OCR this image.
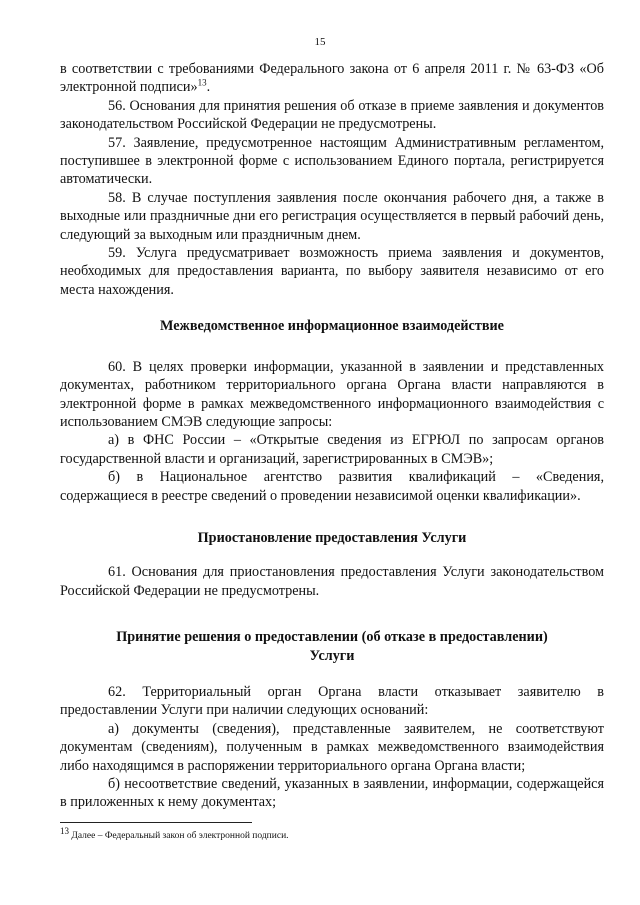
15

в соответствии с требованиями Федерального закона от 6 апреля 2011 г. № 63-ФЗ «Об электронной подписи»$^{13}$.

56. Основания для принятия решения об отказе в приеме заявления и документов законодательством Российской Федерации не предусмотрены.

57. Заявление, предусмотренное настоящим Административным регламентом, поступившее в электронной форме с использованием Единого портала, регистрируется автоматически.

58. В случае поступления заявления после окончания рабочего дня, а также в выходные или праздничные дни его регистрация осуществляется в первый рабочий день, следующий за выходным или праздничным днем.

59. Услуга предусматривает возможность приема заявления и документов, необходимых для предоставления варианта, по выбору заявителя независимо от его места нахождения.

Межведомственное информационное взаимодействие

60. В целях проверки информации, указанной в заявлении и представленных документах, работником территориального органа Органа власти направляются в электронной форме в рамках межведомственного информационного взаимодействия с использованием СМЭВ следующие запросы:

а) в ФНС России – «Открытые сведения из ЕГРЮЛ по запросам органов государственной власти и организаций, зарегистрированных в СМЭВ»;

б) в Национальное агентство развития квалификаций – «Сведения, содержащиеся в реестре сведений о проведении независимой оценки квалификации».

Приостановление предоставления Услуги

61. Основания для приостановления предоставления Услуги законодательством Российской Федерации не предусмотрены.

Принятие решения о предоставлении (об отказе в предоставлении)
Услуги

62. Территориальный орган Органа власти отказывает заявителю в предоставлении Услуги при наличии следующих оснований:

а) документы (сведения), представленные заявителем, не соответствуют документам (сведениям), полученным в рамках межведомственного взаимодействия либо находящимся в распоряжении территориального органа Органа власти;

б) несоответствие сведений, указанных в заявлении, информации, содержащейся в приложенных к нему документах;

$^{13}$ Далее – Федеральный закон об электронной подписи.
